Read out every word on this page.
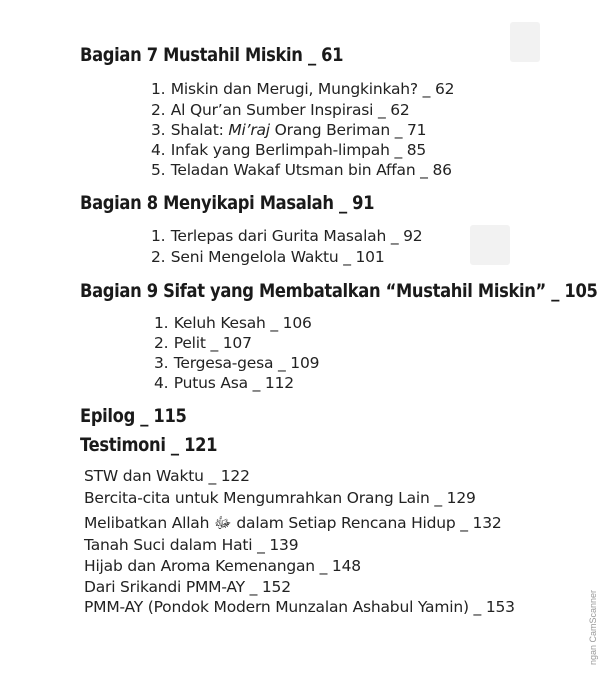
Bagian 7 Mustahil Miskin _ 61
1. Miskin dan Merugi, Mungkinkah? _ 62
2. Al Qur’an Sumber Inspirasi _ 62
3. Shalat: Mi’raj Orang Beriman _ 71
4. Infak yang Berlimpah-limpah _ 85
5. Teladan Wakaf Utsman bin Affan _ 86
Bagian 8 Menyikapi Masalah _ 91
1. Terlepas dari Gurita Masalah _ 92
2. Seni Mengelola Waktu _ 101
Bagian 9 Sifat yang Membatalkan “Mustahil Miskin” _ 105
1. Keluh Kesah _ 106
2. Pelit _ 107
3. Tergesa-gesa _ 109
4. Putus Asa _ 112
Epilog _ 115
Testimoni _ 121
STW dan Waktu _ 122
Bercita-cita untuk Mengumrahkan Orang Lain _ 129
Melibatkan Allah ﷻ dalam Setiap Rencana Hidup _ 132
Tanah Suci dalam Hati _ 139
Hijab dan Aroma Kemenangan _ 148
Dari Srikandi PMM-AY _ 152
PMM-AY (Pondok Modern Munzalan Ashabul Yamin) _ 153	ngan CamScanner
